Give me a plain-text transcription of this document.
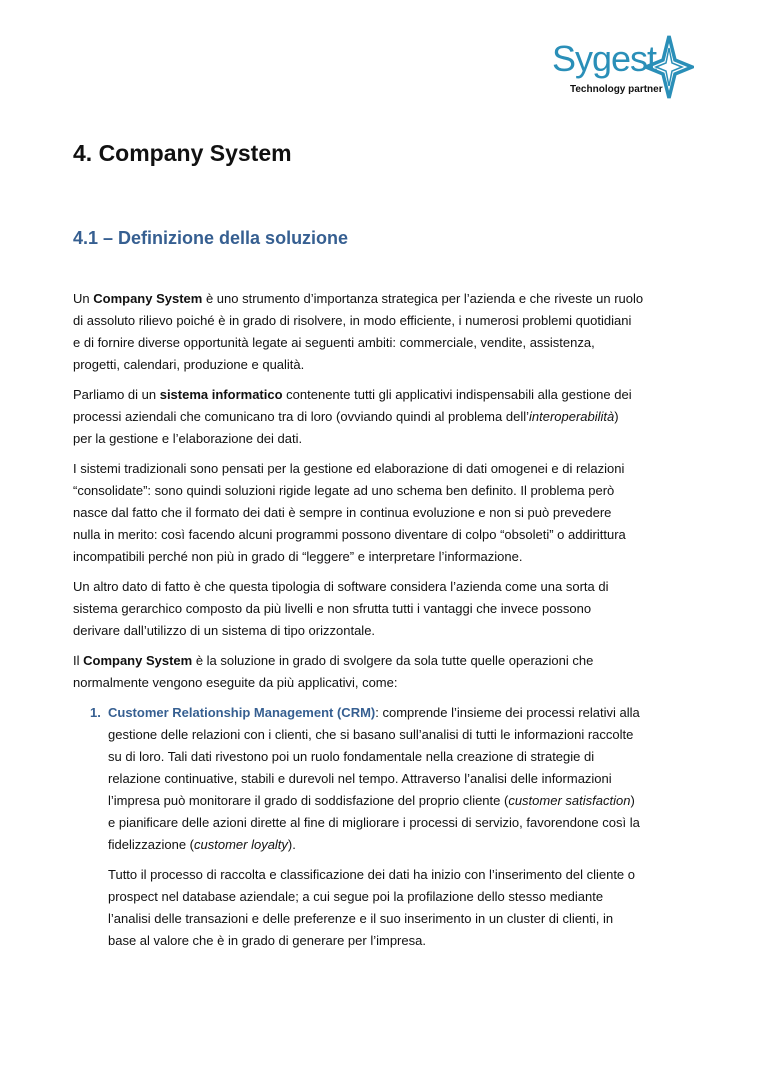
Sygest
Technology partner
4. Company System
4.1 – Definizione della soluzione

Un Company System è uno strumento d’importanza strategica per l’azienda e che riveste un ruolo
di assoluto rilievo poiché è in grado di risolvere, in modo efficiente, i numerosi problemi quotidiani
e di fornire diverse opportunità legate ai seguenti ambiti: commerciale, vendite, assistenza,
progetti, calendari, produzione e qualità.

Parliamo di un sistema informatico contenente tutti gli applicativi indispensabili alla gestione dei
processi aziendali che comunicano tra di loro (ovviando quindi al problema dell’interoperabilità)
per la gestione e l’elaborazione dei dati.

I sistemi tradizionali sono pensati per la gestione ed elaborazione di dati omogenei e di relazioni
“consolidate”: sono quindi soluzioni rigide legate ad uno schema ben definito. Il problema però
nasce dal fatto che il formato dei dati è sempre in continua evoluzione e non si può prevedere
nulla in merito: così facendo alcuni programmi possono diventare di colpo “obsoleti” o addirittura
incompatibili perché non più in grado di “leggere” e interpretare l’informazione.

Un altro dato di fatto è che questa tipologia di software considera l’azienda come una sorta di
sistema gerarchico composto da più livelli e non sfrutta tutti i vantaggi che invece possono
derivare dall’utilizzo di un sistema di tipo orizzontale.

Il Company System è la soluzione in grado di svolgere da sola tutte quelle operazioni che
normalmente vengono eseguite da più applicativi, come:

1. Customer Relationship Management (CRM): comprende l’insieme dei processi relativi alla
gestione delle relazioni con i clienti, che si basano sull’analisi di tutti le informazioni raccolte
su di loro. Tali dati rivestono poi un ruolo fondamentale nella creazione di strategie di
relazione continuative, stabili e durevoli nel tempo. Attraverso l’analisi delle informazioni
l’impresa può monitorare il grado di soddisfazione del proprio cliente (customer satisfaction)
e pianificare delle azioni dirette al fine di migliorare i processi di servizio, favorendone così la
fidelizzazione (customer loyalty).
Tutto il processo di raccolta e classificazione dei dati ha inizio con l’inserimento del cliente o
prospect nel database aziendale; a cui segue poi la profilazione dello stesso mediante
l’analisi delle transazioni e delle preferenze e il suo inserimento in un cluster di clienti, in
base al valore che è in grado di generare per l’impresa.
